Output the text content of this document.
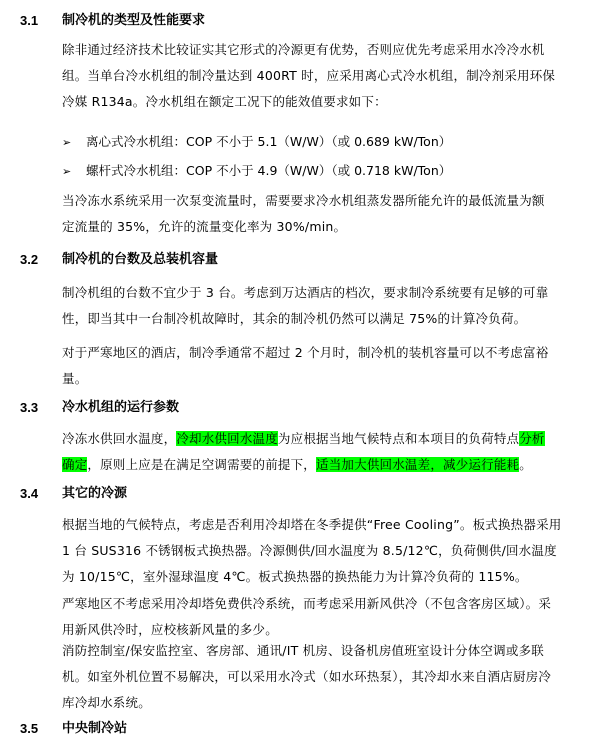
3.1	制冷机的类型及性能要求
除非通过经济技术比较证实其它形式的冷源更有优势，否则应优先考虑采用水冷冷水机
组。当单台冷水机组的制冷量达到 400RT 时，应采用离心式冷水机组，制冷剂采用环保
冷媒 R134a。冷水机组在额定工况下的能效值要求如下：
➢ 离心式冷水机组：COP 不小于 5.1（W/W）（或 0.689 kW/Ton）
➢ 螺杆式冷水机组：COP 不小于 4.9（W/W）（或 0.718 kW/Ton）
当冷冻水系统采用一次泵变流量时，需要要求冷水机组蒸发器所能允许的最低流量为额
定流量的 35%，允许的流量变化率为 30%/min。
3.2	制冷机的台数及总装机容量
制冷机组的台数不宜少于 3 台。考虑到万达酒店的档次，要求制冷系统要有足够的可靠
性，即当其中一台制冷机故障时，其余的制冷机仍然可以满足 75%的计算冷负荷。
对于严寒地区的酒店，制冷季通常不超过 2 个月时，制冷机的装机容量可以不考虑富裕
量。
3.3	冷水机组的运行参数
冷冻水供回水温度，冷却水供回水温度为应根据当地气候特点和本项目的负荷特点分析
确定，原则上应是在满足空调需要的前提下，适当加大供回水温差，减少运行能耗。
3.4	其它的冷源
根据当地的气候特点，考虑是否利用冷却塔在冬季提供“Free Cooling”。板式换热器采用
1 台 SUS316 不锈钢板式换热器。冷源侧供/回水温度为 8.5/12℃，负荷侧供/回水温度
为 10/15℃，室外湿球温度 4℃。板式换热器的换热能力为计算冷负荷的 115%。
严寒地区不考虑采用冷却塔免费供冷系统，而考虑采用新风供冷（不包含客房区域）。采
用新风供冷时，应校核新风量的多少。
消防控制室/保安监控室、客房部、通讯/IT 机房、设备机房值班室设计分体空调或多联
机。如室外机位置不易解决，可以采用水冷式（如水环热泵），其冷却水来自酒店厨房冷
库冷却水系统。
3.5	中央制冷站
